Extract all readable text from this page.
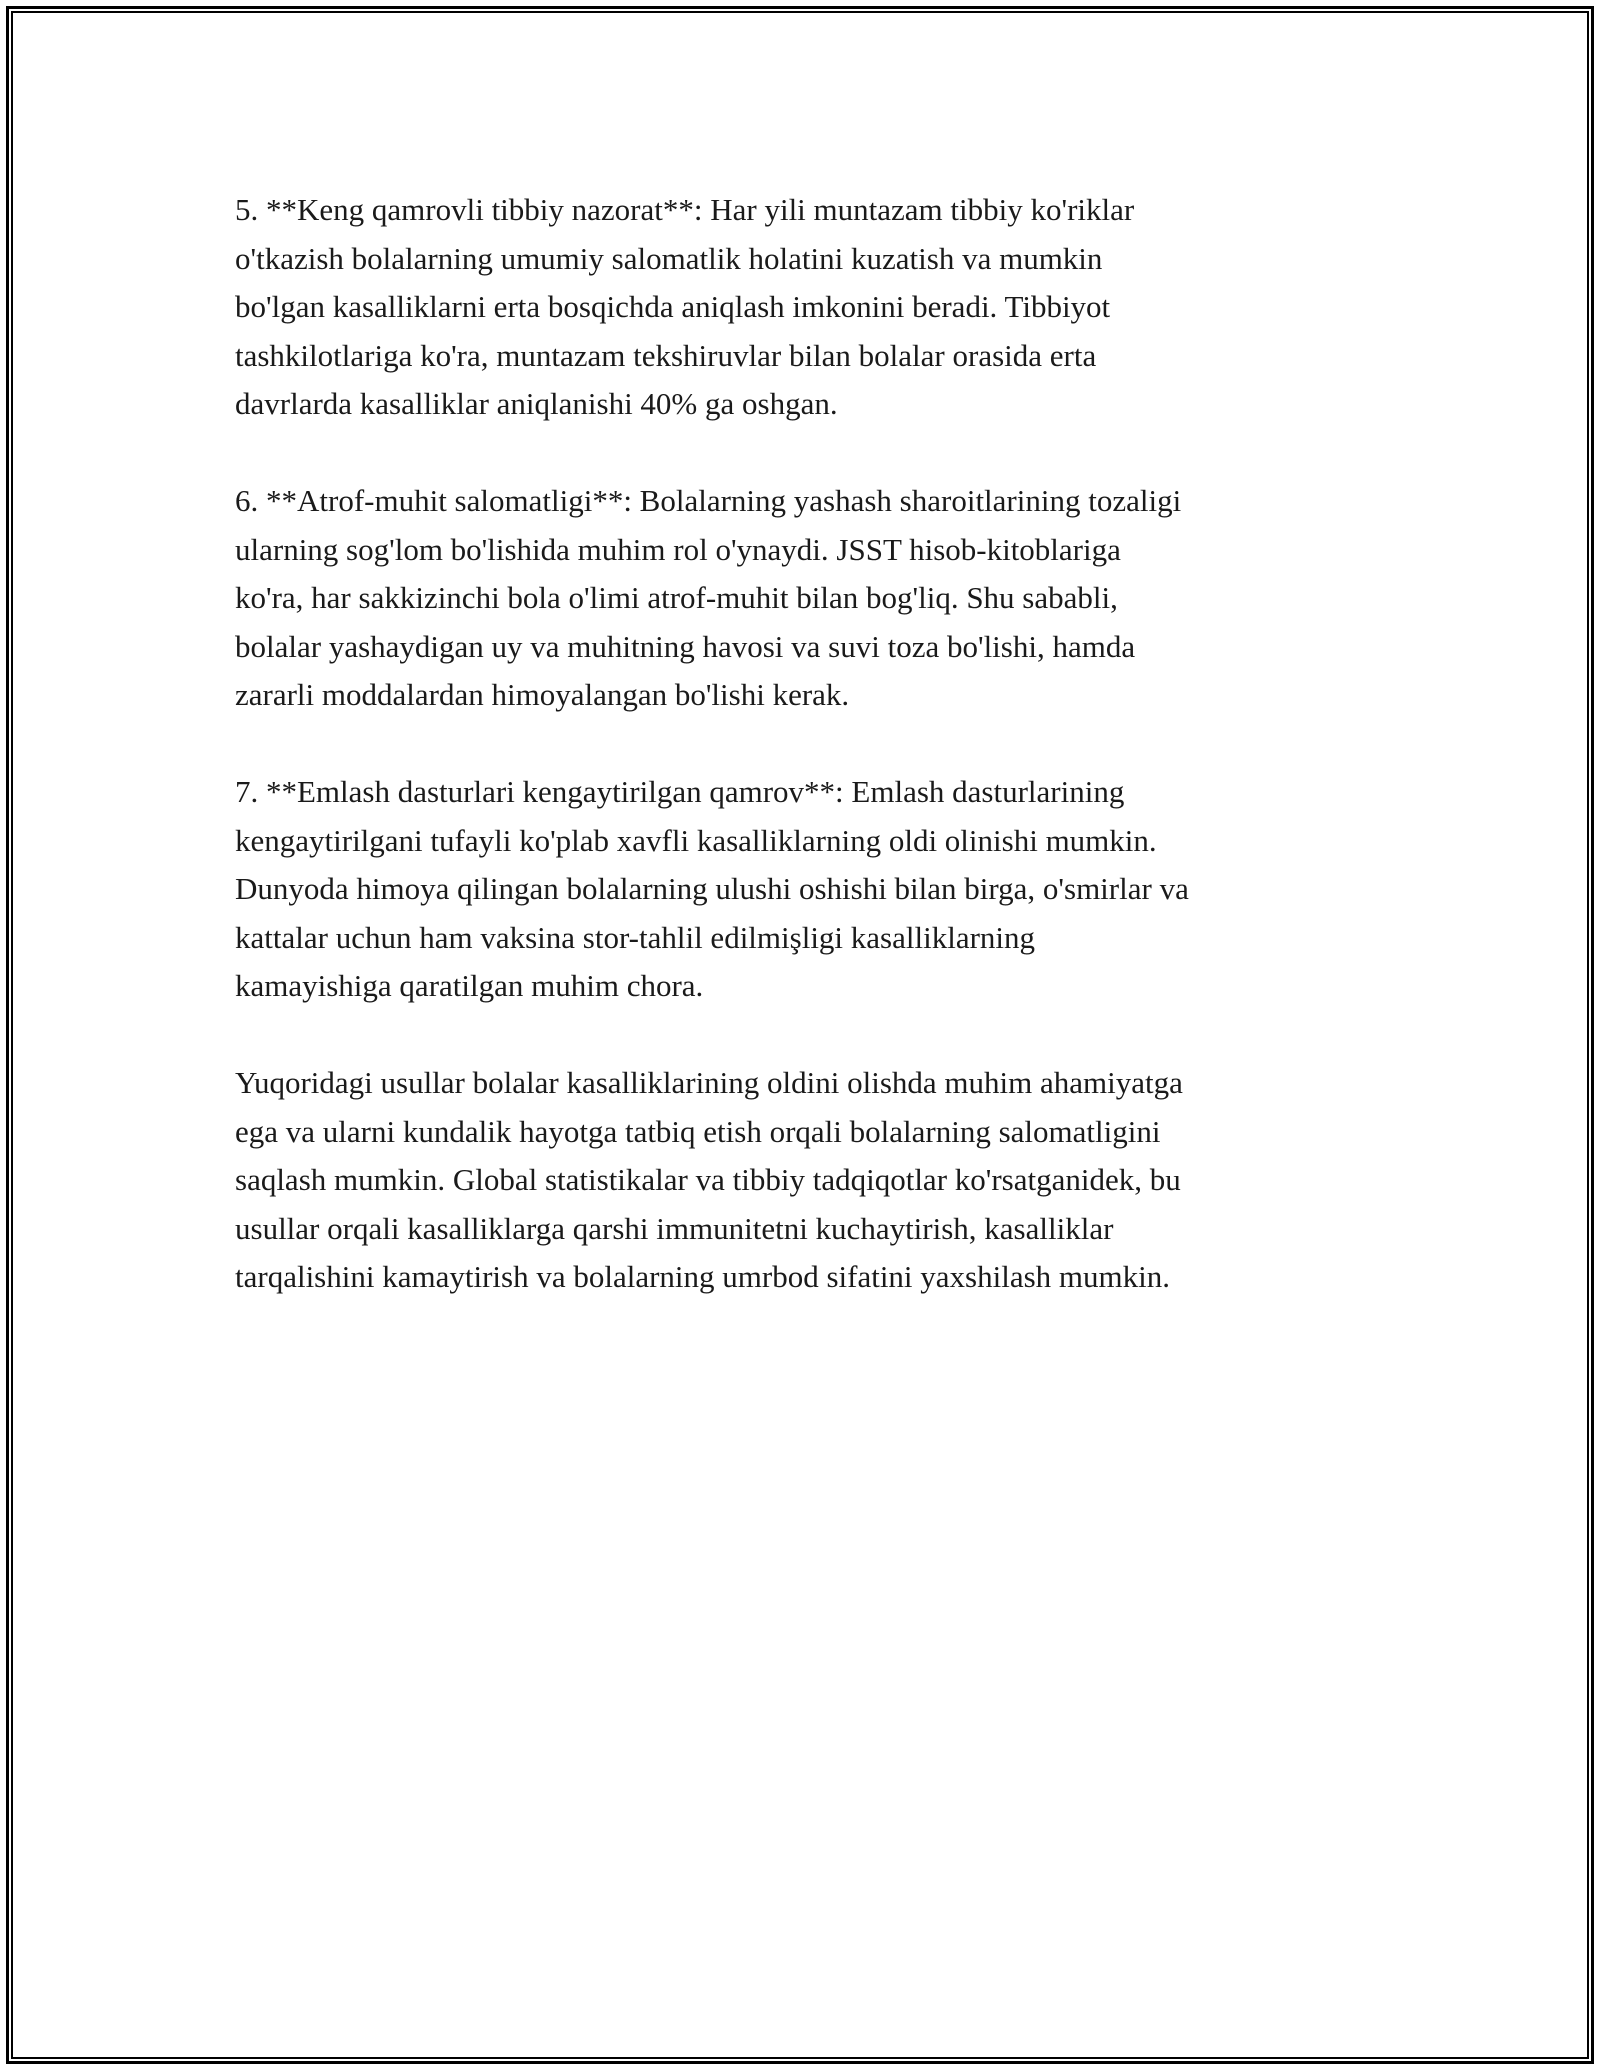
5. **Keng qamrovli tibbiy nazorat**: Har yili muntazam tibbiy ko'riklar
o'tkazish bolalarning umumiy salomatlik holatini kuzatish va mumkin
bo'lgan kasalliklarni erta bosqichda aniqlash imkonini beradi. Tibbiyot
tashkilotlariga ko'ra, muntazam tekshiruvlar bilan bolalar orasida erta
davrlarda kasalliklar aniqlanishi 40% ga oshgan.

6. **Atrof-muhit salomatligi**: Bolalarning yashash sharoitlarining tozaligi
ularning sog'lom bo'lishida muhim rol o'ynaydi. JSST hisob-kitoblariga
ko'ra, har sakkizinchi bola o'limi atrof-muhit bilan bog'liq. Shu sababli,
bolalar yashaydigan uy va muhitning havosi va suvi toza bo'lishi, hamda
zararli moddalardan himoyalangan bo'lishi kerak.

7. **Emlash dasturlari kengaytirilgan qamrov**: Emlash dasturlarining
kengaytirilgani tufayli ko'plab xavfli kasalliklarning oldi olinishi mumkin.
Dunyoda himoya qilingan bolalarning ulushi oshishi bilan birga, o'smirlar va
kattalar uchun ham vaksina stor-tahlil edilmişligi kasalliklarning
kamayishiga qaratilgan muhim chora.

Yuqoridagi usullar bolalar kasalliklarining oldini olishda muhim ahamiyatga
ega va ularni kundalik hayotga tatbiq etish orqali bolalarning salomatligini
saqlash mumkin. Global statistikalar va tibbiy tadqiqotlar ko'rsatganidek, bu
usullar orqali kasalliklarga qarshi immunitetni kuchaytirish, kasalliklar
tarqalishini kamaytirish va bolalarning umrbod sifatini yaxshilash mumkin.
